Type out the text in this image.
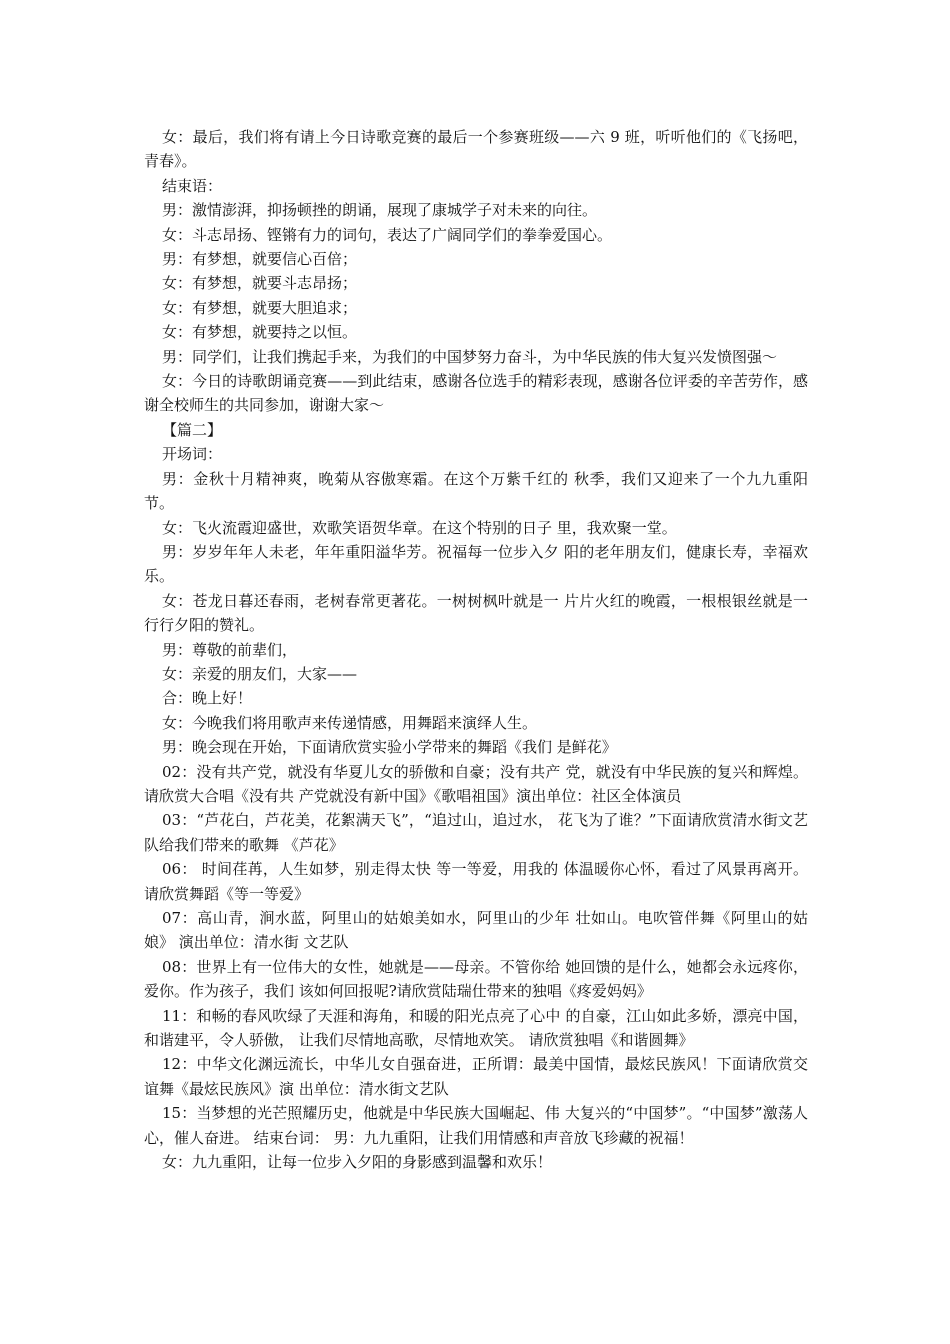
女：最后，我们将有请上今日诗歌竞赛的最后一个参赛班级——六 9 班，听听他们的《飞扬吧，青春》。

结束语：

男：激情澎湃，抑扬顿挫的朗诵，展现了康城学子对未来的向往。

女：斗志昂扬、铿锵有力的词句，表达了广阔同学们的拳拳爱国心。

男：有梦想，就要信心百倍；

女：有梦想，就要斗志昂扬；

女：有梦想，就要大胆追求；

女：有梦想，就要持之以恒。

男：同学们，让我们携起手来，为我们的中国梦努力奋斗，为中华民族的伟大复兴发愤图强～

女：今日的诗歌朗诵竞赛——到此结束，感谢各位选手的精彩表现，感谢各位评委的辛苦劳作，感谢全校师生的共同参加，谢谢大家～

【篇二】

开场词：

男：金秋十月精神爽，晚菊从容傲寒霜。在这个万紫千红的 秋季，我们又迎来了一个九九重阳节。

女：飞火流霞迎盛世，欢歌笑语贺华章。在这个特别的日子 里，我欢聚一堂。

男：岁岁年年人未老，年年重阳溢华芳。祝福每一位步入夕 阳的老年朋友们，健康长寿，幸福欢乐。

女：苍龙日暮还春雨，老树春常更著花。一树树枫叶就是一 片片火红的晚霞，一根根银丝就是一行行夕阳的赞礼。

男：尊敬的前辈们，

女：亲爱的朋友们，大家——

合：晚上好！

女：今晚我们将用歌声来传递情感，用舞蹈来演绎人生。

男：晚会现在开始，下面请欣赏实验小学带来的舞蹈《我们 是鲜花》

02：没有共产党，就没有华夏儿女的骄傲和自豪；没有共产 党，就没有中华民族的复兴和辉煌。请欣赏大合唱《没有共 产党就没有新中国》《歌唱祖国》演出单位：社区全体演员

03：“芦花白，芦花美，花絮满天飞”，“追过山，追过水， 花飞为了谁？”下面请欣赏清水街文艺队给我们带来的歌舞 《芦花》

06： 时间荏苒，人生如梦，别走得太快 等一等爱，用我的 体温暖你心怀，看过了风景再离开。请欣赏舞蹈《等一等爱》

07：高山青，涧水蓝，阿里山的姑娘美如水，阿里山的少年 壮如山。电吹管伴舞《阿里山的姑娘》 演出单位：清水街 文艺队

08：世界上有一位伟大的女性，她就是——母亲。不管你给 她回馈的是什么，她都会永远疼你，爱你。作为孩子，我们 该如何回报呢?请欣赏陆瑞仕带来的独唱《疼爱妈妈》

11：和畅的春风吹绿了天涯和海角，和暖的阳光点亮了心中 的自豪，江山如此多娇，漂亮中国，和谐建平，令人骄傲， 让我们尽情地高歌，尽情地欢笑。 请欣赏独唱《和谐圆舞》

12：中华文化渊远流长，中华儿女自强奋进，正所谓：最美中国情，最炫民族风！下面请欣赏交谊舞《最炫民族风》演 出单位：清水街文艺队

15：当梦想的光芒照耀历史，他就是中华民族大国崛起、伟 大复兴的“中国梦”。“中国梦”激荡人心，催人奋进。 结束台词： 男：九九重阳，让我们用情感和声音放飞珍藏的祝福！

女：九九重阳，让每一位步入夕阳的身影感到温馨和欢乐！
